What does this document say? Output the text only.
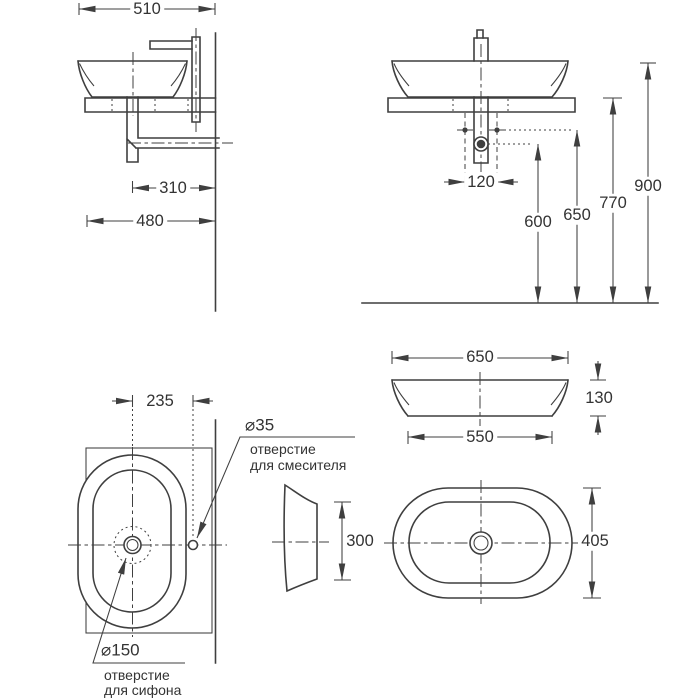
510
310
480
120
600 650
770
900
650
130
550
235
300	405
⌀35
отверстие
для смесителя
⌀150
отверстие
для сифона
